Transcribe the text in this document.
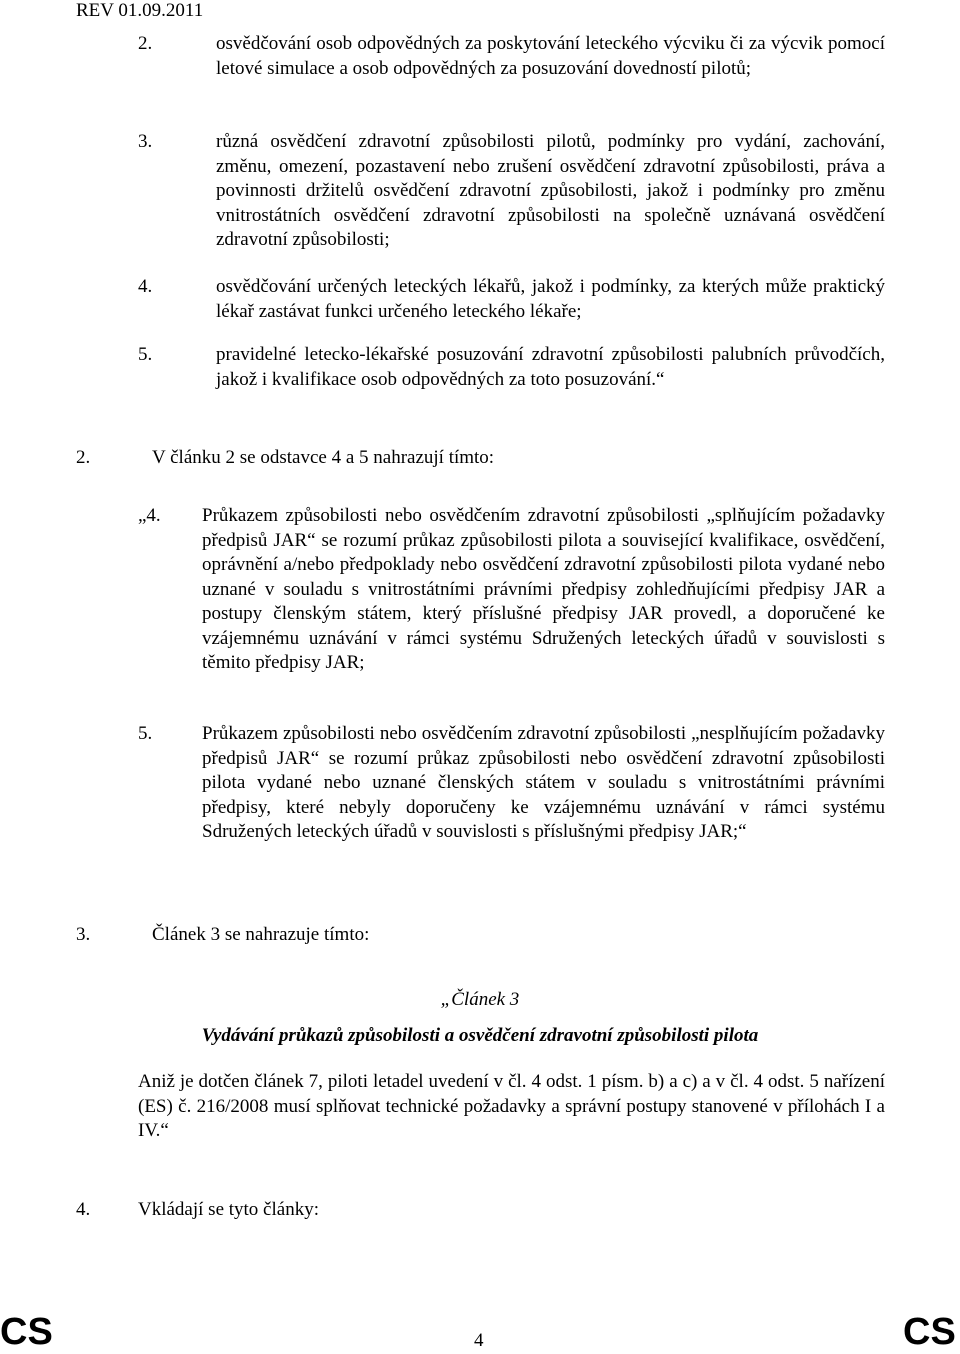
REV 01.09.2011
2.	osvědčování osob odpovědných za poskytování leteckého výcviku či za výcvik pomocí letové simulace a osob odpovědných za posuzování dovedností pilotů;

3.	různá osvědčení zdravotní způsobilosti pilotů, podmínky pro vydání, zachování, změnu, omezení, pozastavení nebo zrušení osvědčení zdravotní způsobilosti, práva a povinnosti držitelů osvědčení zdravotní způsobilosti, jakož i podmínky pro změnu vnitrostátních osvědčení zdravotní způsobilosti na společně uznávaná osvědčení zdravotní způsobilosti;

4.	osvědčování určených leteckých lékařů, jakož i podmínky, za kterých může praktický lékař zastávat funkci určeného leteckého lékaře;

5.	pravidelné letecko-lékařské posuzování zdravotní způsobilosti palubních průvodčích, jakož i kvalifikace osob odpovědných za toto posuzování.“

2.	V článku 2 se odstavce 4 a 5 nahrazují tímto:
„4. Průkazem způsobilosti nebo osvědčením zdravotní způsobilosti „splňujícím požadavky předpisů JAR“ se rozumí průkaz způsobilosti pilota a související kvalifikace, osvědčení, oprávnění a/nebo předpoklady nebo osvědčení zdravotní způsobilosti pilota vydané nebo uznané v souladu s vnitrostátními právními předpisy zohledňujícími předpisy JAR a postupy členským státem, který příslušné předpisy JAR provedl, a doporučené ke vzájemnému uznávání v rámci systému Sdružených leteckých úřadů v souvislosti s těmito předpisy JAR;

5.	Průkazem způsobilosti nebo osvědčením zdravotní způsobilosti „nesplňujícím požadavky předpisů JAR“ se rozumí průkaz způsobilosti nebo osvědčení zdravotní způsobilosti pilota vydané nebo uznané členských státem v souladu s vnitrostátními právními předpisy, které nebyly doporučeny ke vzájemnému uznávání v rámci systému Sdružených leteckých úřadů v souvislosti s příslušnými předpisy JAR;“

3.	Článek 3 se nahrazuje tímto:
„Článek 3
Vydávání průkazů způsobilosti a osvědčení zdravotní způsobilosti pilota

Aniž je dotčen článek 7, piloti letadel uvedení v čl. 4 odst. 1 písm. b) a c) a v čl. 4 odst. 5 nařízení (ES) č. 216/2008 musí splňovat technické požadavky a správní postupy stanovené v přílohách I a IV.“

4.	Vkládají se tyto články:
CS	4	CS
